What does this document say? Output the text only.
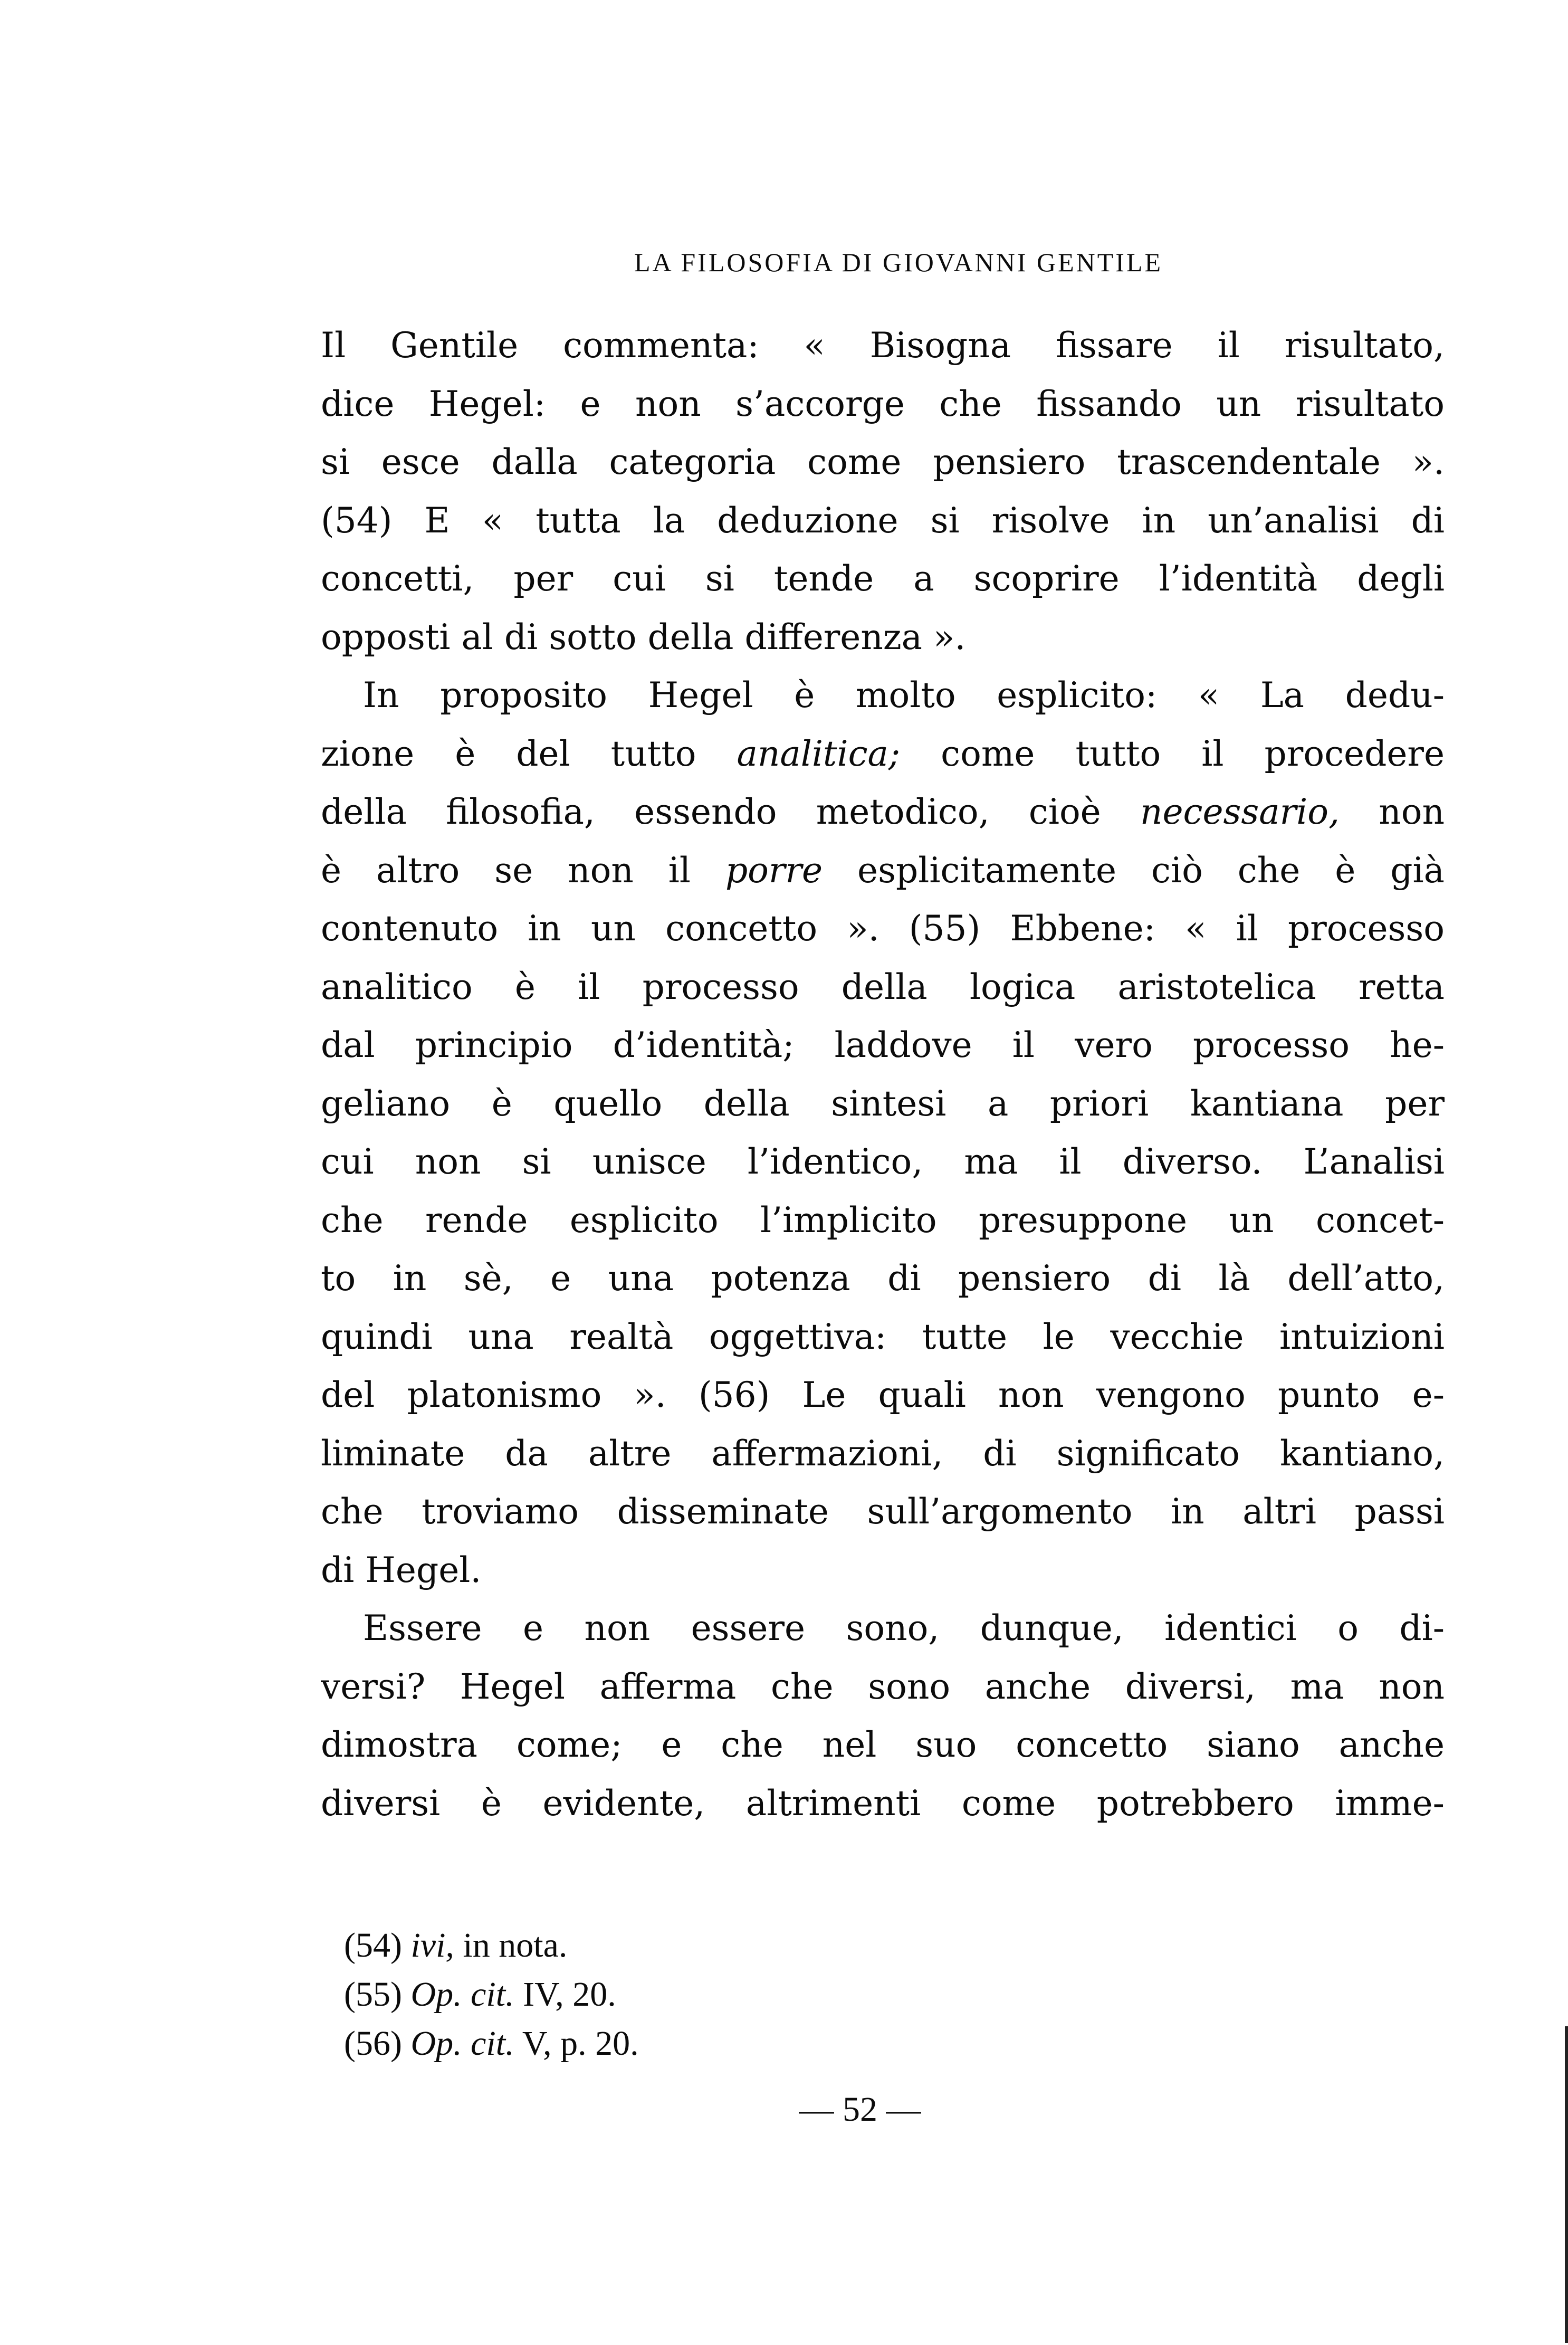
LA FILOSOFIA DI GIOVANNI GENTILE
Il Gentile commenta: « Bisogna fissare il risultato,
dice Hegel: e non s’accorge che fissando un risultato
si esce dalla categoria come pensiero trascendentale ».
(54) E « tutta la deduzione si risolve in un’analisi di
concetti, per cui si tende a scoprire l’identità degli
opposti al di sotto della differenza ».
In proposito Hegel è molto esplicito: « La dedu-
zione è del tutto analitica; come tutto il procedere
della filosofia, essendo metodico, cioè necessario, non
è altro se non il porre esplicitamente ciò che è già
contenuto in un concetto ». (55) Ebbene: « il processo
analitico è il processo della logica aristotelica retta
dal principio d’identità; laddove il vero processo he-
geliano è quello della sintesi a priori kantiana per
cui non si unisce l’identico, ma il diverso. L’analisi
che rende esplicito l’implicito presuppone un concet-
to in sè, e una potenza di pensiero di là dell’atto,
quindi una realtà oggettiva: tutte le vecchie intuizioni
del platonismo ». (56) Le quali non vengono punto e-
liminate da altre affermazioni, di significato kantiano,
che troviamo disseminate sull’argomento in altri passi
di Hegel.
Essere e non essere sono, dunque, identici o di-
versi? Hegel afferma che sono anche diversi, ma non
dimostra come; e che nel suo concetto siano anche
diversi è evidente, altrimenti come potrebbero imme-
(54) ivi, in nota.
(55) Op. cit. IV, 20.
(56) Op. cit. V, p. 20.
— 52 —
